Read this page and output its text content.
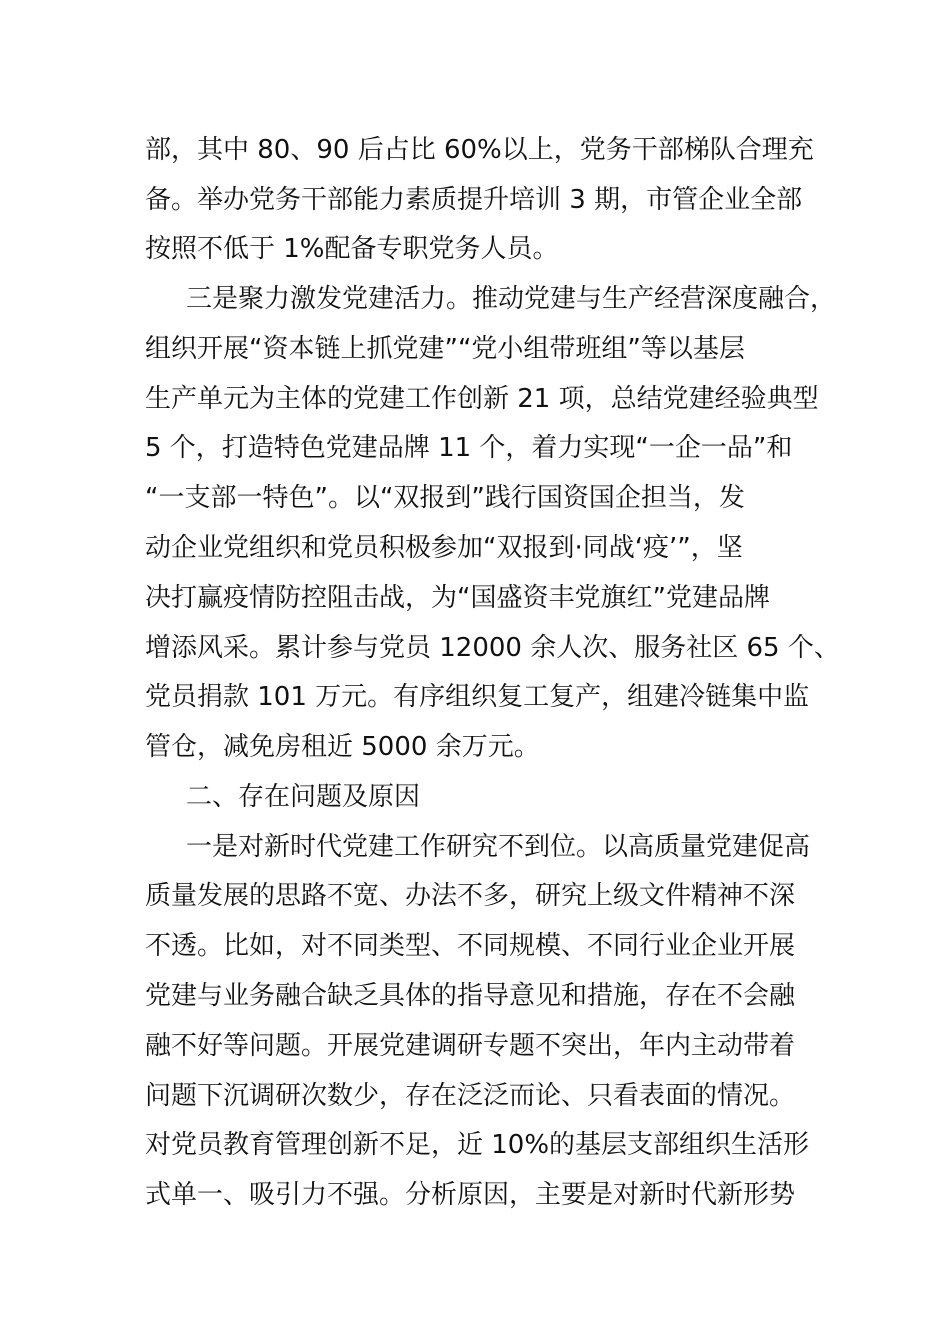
部，其中 80、90 后占比 60%以上，党务干部梯队合理充
备。举办党务干部能力素质提升培训 3 期，市管企业全部
按照不低于 1%配备专职党务人员。
三是聚力激发党建活力。推动党建与生产经营深度融合，
组织开展“资本链上抓党建”“党小组带班组”等以基层
生产单元为主体的党建工作创新 21 项，总结党建经验典型
5 个，打造特色党建品牌 11 个，着力实现“一企一品”和
“一支部一特色”。以“双报到”践行国资国企担当，发
动企业党组织和党员积极参加“双报到·同战‘疫’”，坚
决打赢疫情防控阻击战，为“国盛资丰党旗红”党建品牌
增添风采。累计参与党员 12000 余人次、服务社区 65 个、
党员捐款 101 万元。有序组织复工复产，组建冷链集中监
管仓，减免房租近 5000 余万元。
二、存在问题及原因
一是对新时代党建工作研究不到位。以高质量党建促高
质量发展的思路不宽、办法不多，研究上级文件精神不深
不透。比如，对不同类型、不同规模、不同行业企业开展
党建与业务融合缺乏具体的指导意见和措施，存在不会融
融不好等问题。开展党建调研专题不突出，年内主动带着
问题下沉调研次数少，存在泛泛而论、只看表面的情况。
对党员教育管理创新不足，近 10%的基层支部组织生活形
式单一、吸引力不强。分析原因，主要是对新时代新形势
